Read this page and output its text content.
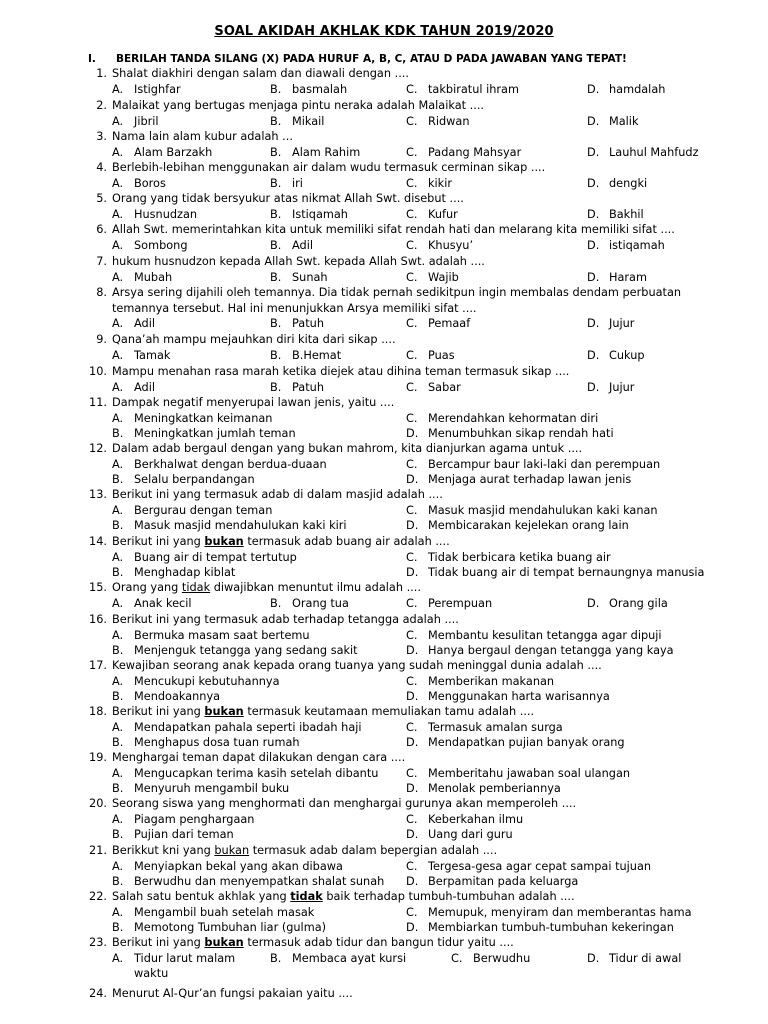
SOAL AKIDAH AKHLAK KDK TAHUN 2019/2020
I. BERILAH TANDA SILANG (X) PADA HURUF A, B, C, ATAU D PADA JAWABAN YANG TEPAT!
1. Shalat diakhiri dengan salam dan diawali dengan ....
A. Istighfar	B. basmalah	C. takbiratul ihram	D. hamdalah
2. Malaikat yang bertugas menjaga pintu neraka adalah Malaikat ....
A. Jibril	B. Mikail	C. Ridwan	D. Malik
3. Nama lain alam kubur adalah ...
A. Alam Barzakh	B. Alam Rahim	C. Padang Mahsyar	D. Lauhul Mahfudz
4. Berlebih-lebihan menggunakan air dalam wudu termasuk cerminan sikap ....
A. Boros	B. iri	C. kikir	D. dengki
5. Orang yang tidak bersyukur atas nikmat Allah Swt. disebut ....
A. Husnudzan	B. Istiqamah	C. Kufur	D. Bakhil
6. Allah Swt. memerintahkan kita untuk memiliki sifat rendah hati dan melarang kita memiliki sifat ....
A. Sombong	B. Adil	C. Khusyu’	D. istiqamah
7. hukum husnudzon kepada Allah Swt. kepada Allah Swt. adalah ....
A. Mubah	B. Sunah	C. Wajib	D. Haram
8. Arsya sering dijahili oleh temannya. Dia tidak pernah sedikitpun ingin membalas dendam perbuatan
temannya tersebut. Hal ini menunjukkan Arsya memiliki sifat ....
A. Adil	B. Patuh	C. Pemaaf	D. Jujur
9. Qana’ah mampu mejauhkan diri kita dari sikap ....
A. Tamak	B. B.Hemat	C. Puas	D. Cukup
10. Mampu menahan rasa marah ketika diejek atau dihina teman termasuk sikap ....
A. Adil	B. Patuh	C. Sabar	D. Jujur
11. Dampak negatif menyerupai lawan jenis, yaitu ....
A. Meningkatkan keimanan	C. Merendahkan kehormatan diri
B. Meningkatkan jumlah teman	D. Menumbuhkan sikap rendah hati
12. Dalam adab bergaul dengan yang bukan mahrom, kita dianjurkan agama untuk ....
A. Berkhalwat dengan berdua-duaan	C. Bercampur baur laki-laki dan perempuan
B. Selalu berpandangan	D. Menjaga aurat terhadap lawan jenis
13. Berikut ini yang termasuk adab di dalam masjid adalah ....
A. Bergurau dengan teman	C. Masuk masjid mendahulukan kaki kanan
B. Masuk masjid mendahulukan kaki kiri	D. Membicarakan kejelekan orang lain
14. Berikut ini yang bukan termasuk adab buang air adalah ....
A. Buang air di tempat tertutup	C. Tidak berbicara ketika buang air
B. Menghadap kiblat	D. Tidak buang air di tempat bernaungnya manusia
15. Orang yang tidak diwajibkan menuntut ilmu adalah ....
A. Anak kecil	B. Orang tua	C. Perempuan	D. Orang gila
16. Berikut ini yang termasuk adab terhadap tetangga adalah ....
A. Bermuka masam saat bertemu	C. Membantu kesulitan tetangga agar dipuji
B. Menjenguk tetangga yang sedang sakit	D. Hanya bergaul dengan tetangga yang kaya
17. Kewajiban seorang anak kepada orang tuanya yang sudah meninggal dunia adalah ....
A. Mencukupi kebutuhannya	C. Memberikan makanan
B. Mendoakannya	D. Menggunakan harta warisannya
18. Berikut ini yang bukan termasuk keutamaan memuliakan tamu adalah ....
A. Mendapatkan pahala seperti ibadah haji	C. Termasuk amalan surga
B. Menghapus dosa tuan rumah	D. Mendapatkan pujian banyak orang
19. Menghargai teman dapat dilakukan dengan cara ....
A. Mengucapkan terima kasih setelah dibantu C. Memberitahu jawaban soal ulangan
B. Menyuruh mengambil buku	D. Menolak pemberiannya
20. Seorang siswa yang menghormati dan menghargai gurunya akan memperoleh ....
A. Piagam penghargaan	C. Keberkahan ilmu
B. Pujian dari teman	D. Uang dari guru
21. Berikkut kni yang bukan termasuk adab dalam bepergian adalah ....
A. Menyiapkan bekal yang akan dibawa	C. Tergesa-gesa agar cepat sampai tujuan
B. Berwudhu dan menyempatkan shalat sunah D. Berpamitan pada keluarga
22. Salah satu bentuk akhlak yang tidak baik terhadap tumbuh-tumbuhan adalah ....
A. Mengambil buah setelah masak	C. Memupuk, menyiram dan memberantas hama
B. Memotong Tumbuhan liar (gulma)	D. Membiarkan tumbuh-tumbuhan kekeringan
23. Berikut ini yang bukan termasuk adab tidur dan bangun tidur yaitu ....
A. Tidur larut malam	B. Membaca ayat kursi	C. Berwudhu	D. Tidur di awal
waktu
24. Menurut Al-Qur’an fungsi pakaian yaitu ....
